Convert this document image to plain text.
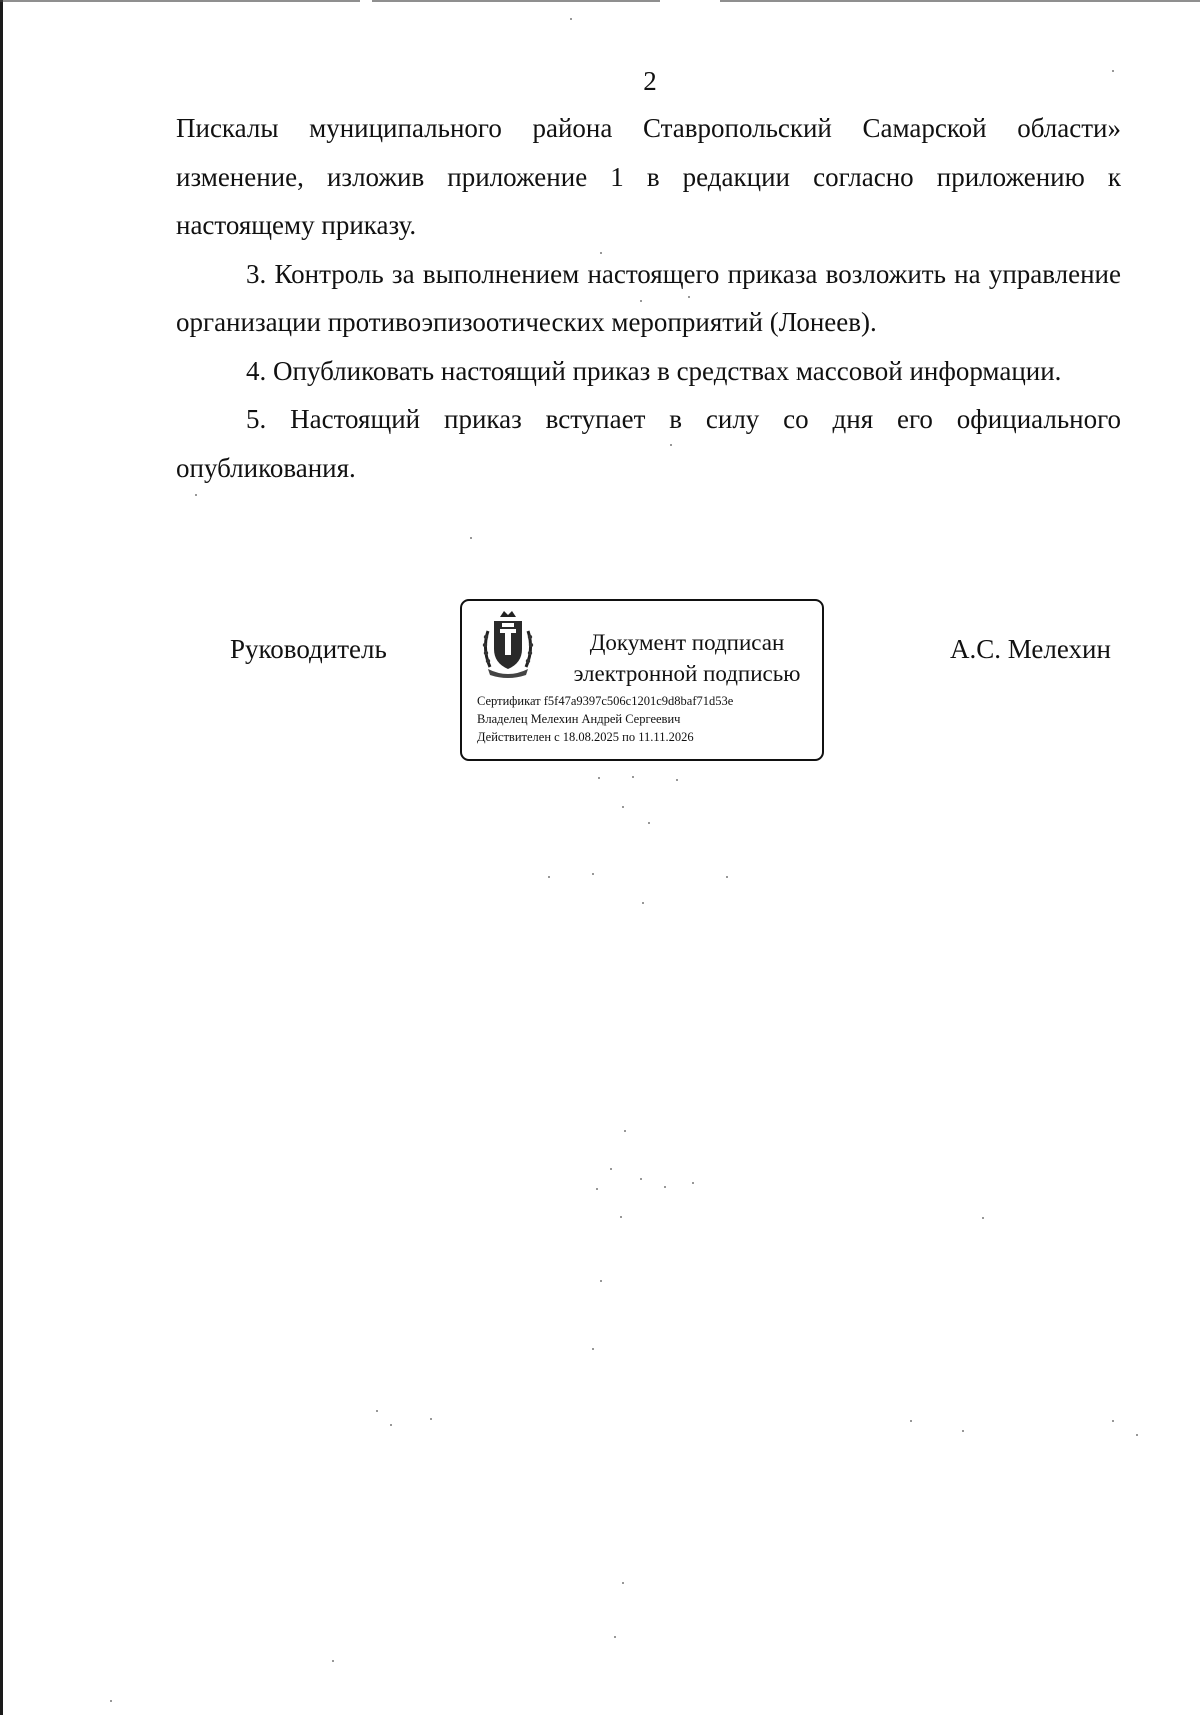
2

Пискалы муниципального района Ставропольский Самарской области» изменение, изложив приложение 1 в редакции согласно приложению к настоящему приказу.

3. Контроль за выполнением настоящего приказа возложить на управление организации противоэпизоотических мероприятий (Лонеев).

4. Опубликовать настоящий приказ в средствах массовой информации.

5. Настоящий приказ вступает в силу со дня его официального опубликования.

Руководитель	Документ подписан
электронной подписью
Сертификат f5f47a9397c506c1201c9d8baf71d53e
Владелец Мелехин Андрей Сергеевич
Действителен с 18.08.2025 по 11.11.2026
А.С. Мелехин
